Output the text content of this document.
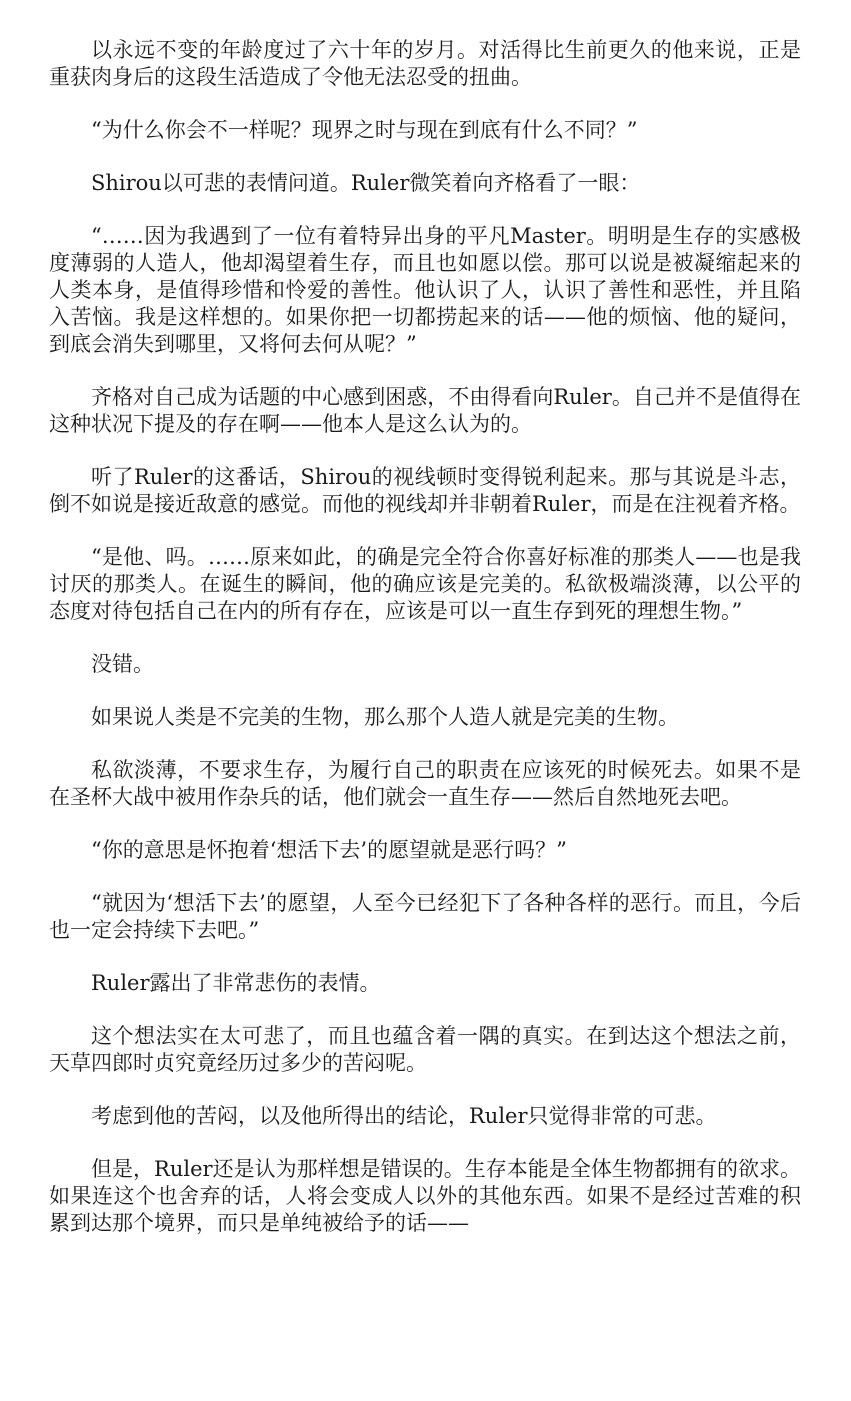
以永远不变的年龄度过了六十年的岁月。对活得比生前更久的他来说，正是重获肉身后的这段生活造成了令他无法忍受的扭曲。

“为什么你会不一样呢？现界之时与现在到底有什么不同？”

Shirou以可悲的表情问道。Ruler微笑着向齐格看了一眼：

“……因为我遇到了一位有着特异出身的平凡Master。明明是生存的实感极度薄弱的人造人，他却渴望着生存，而且也如愿以偿。那可以说是被凝缩起来的人类本身，是值得珍惜和怜爱的善性。他认识了人，认识了善性和恶性，并且陷入苦恼。我是这样想的。如果你把一切都捞起来的话——他的烦恼、他的疑问，到底会消失到哪里，又将何去何从呢？”

齐格对自己成为话题的中心感到困惑，不由得看向Ruler。自己并不是值得在这种状况下提及的存在啊——他本人是这么认为的。

听了Ruler的这番话，Shirou的视线顿时变得锐利起来。那与其说是斗志，倒不如说是接近敌意的感觉。而他的视线却并非朝着Ruler，而是在注视着齐格。

“是他、吗。……原来如此，的确是完全符合你喜好标准的那类人——也是我讨厌的那类人。在诞生的瞬间，他的确应该是完美的。私欲极端淡薄，以公平的态度对待包括自己在内的所有存在，应该是可以一直生存到死的理想生物。”

没错。

如果说人类是不完美的生物，那么那个人造人就是完美的生物。

私欲淡薄，不要求生存，为履行自己的职责在应该死的时候死去。如果不是在圣杯大战中被用作杂兵的话，他们就会一直生存——然后自然地死去吧。

“你的意思是怀抱着‘想活下去’的愿望就是恶行吗？”

“就因为‘想活下去’的愿望，人至今已经犯下了各种各样的恶行。而且，今后也一定会持续下去吧。”

Ruler露出了非常悲伤的表情。

这个想法实在太可悲了，而且也蕴含着一隅的真实。在到达这个想法之前，天草四郎时贞究竟经历过多少的苦闷呢。

考虑到他的苦闷，以及他所得出的结论，Ruler只觉得非常的可悲。

但是，Ruler还是认为那样想是错误的。生存本能是全体生物都拥有的欲求。如果连这个也舍弃的话，人将会变成人以外的其他东西。如果不是经过苦难的积累到达那个境界，而只是单纯被给予的话——
